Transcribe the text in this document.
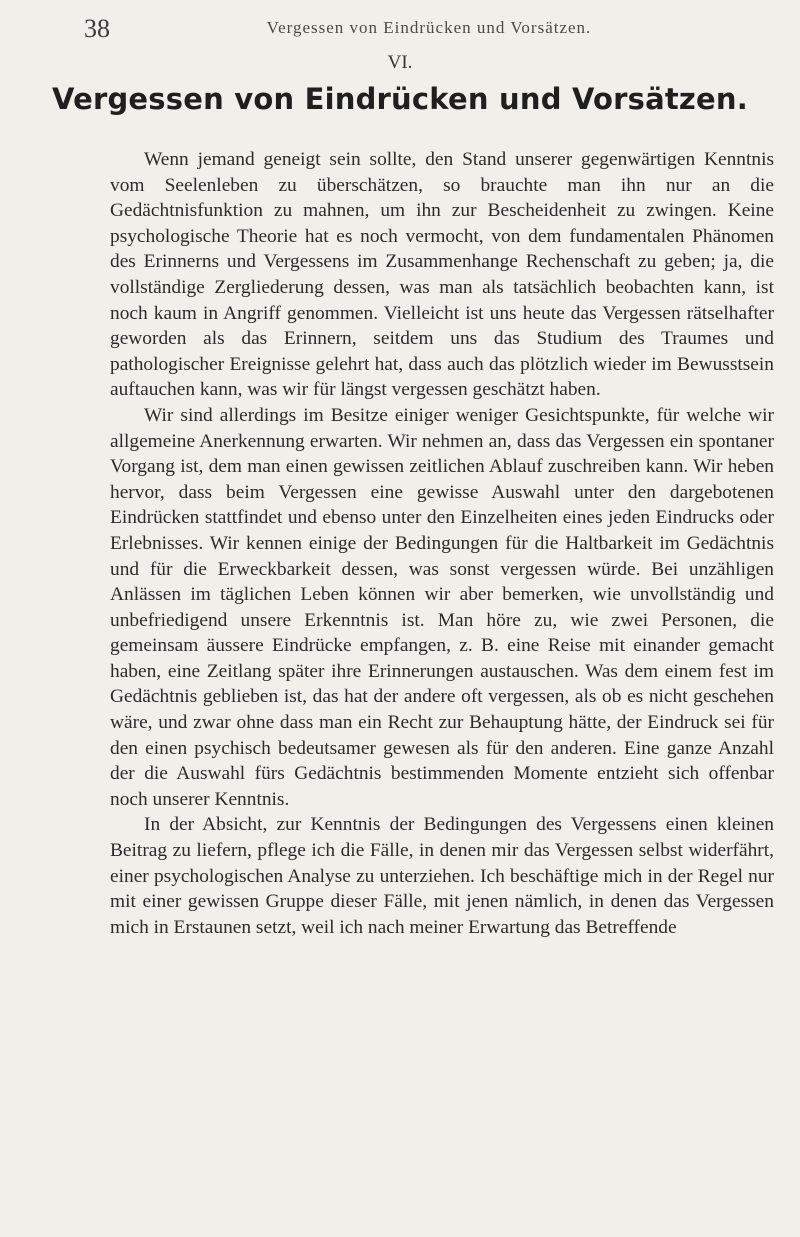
38	Vergessen von Eindrücken und Vorsätzen.
VI.
Vergessen von Eindrücken und Vorsätzen.

Wenn jemand geneigt sein sollte, den Stand unserer gegenwärtigen Kenntnis vom Seelenleben zu überschätzen, so brauchte man ihn nur an die Gedächtnisfunktion zu mahnen, um ihn zur Bescheidenheit zu zwingen. Keine psychologische Theorie hat es noch vermocht, von dem fundamentalen Phänomen des Erinnerns und Vergessens im Zusammenhange Rechenschaft zu geben; ja, die vollständige Zergliederung dessen, was man als tatsächlich beobachten kann, ist noch kaum in Angriff genommen. Vielleicht ist uns heute das Vergessen rätselhafter geworden als das Erinnern, seitdem uns das Studium des Traumes und pathologischer Ereignisse gelehrt hat, dass auch das plötzlich wieder im Bewusstsein auftauchen kann, was wir für längst vergessen geschätzt haben.

Wir sind allerdings im Besitze einiger weniger Gesichtspunkte, für welche wir allgemeine Anerkennung erwarten. Wir nehmen an, dass das Vergessen ein spontaner Vorgang ist, dem man einen gewissen zeitlichen Ablauf zuschreiben kann. Wir heben hervor, dass beim Vergessen eine gewisse Auswahl unter den dargebotenen Eindrücken stattfindet und ebenso unter den Einzelheiten eines jeden Eindrucks oder Erlebnisses. Wir kennen einige der Bedingungen für die Haltbarkeit im Gedächtnis und für die Erweckbarkeit dessen, was sonst vergessen würde. Bei unzähligen Anlässen im täglichen Leben können wir aber bemerken, wie unvollständig und unbefriedigend unsere Erkenntnis ist. Man höre zu, wie zwei Personen, die gemeinsam äussere Eindrücke empfangen, z. B. eine Reise mit einander gemacht haben, eine Zeitlang später ihre Erinnerungen austauschen. Was dem einem fest im Gedächtnis geblieben ist, das hat der andere oft vergessen, als ob es nicht geschehen wäre, und zwar ohne dass man ein Recht zur Behauptung hätte, der Eindruck sei für den einen psychisch bedeutsamer gewesen als für den anderen. Eine ganze Anzahl der die Auswahl fürs Gedächtnis bestimmenden Momente entzieht sich offenbar noch unserer Kenntnis.

In der Absicht, zur Kenntnis der Bedingungen des Vergessens einen kleinen Beitrag zu liefern, pflege ich die Fälle, in denen mir das Vergessen selbst widerfährt, einer psychologischen Analyse zu unterziehen. Ich beschäftige mich in der Regel nur mit einer gewissen Gruppe dieser Fälle, mit jenen nämlich, in denen das Vergessen mich in Erstaunen setzt, weil ich nach meiner Erwartung das Betreffende
